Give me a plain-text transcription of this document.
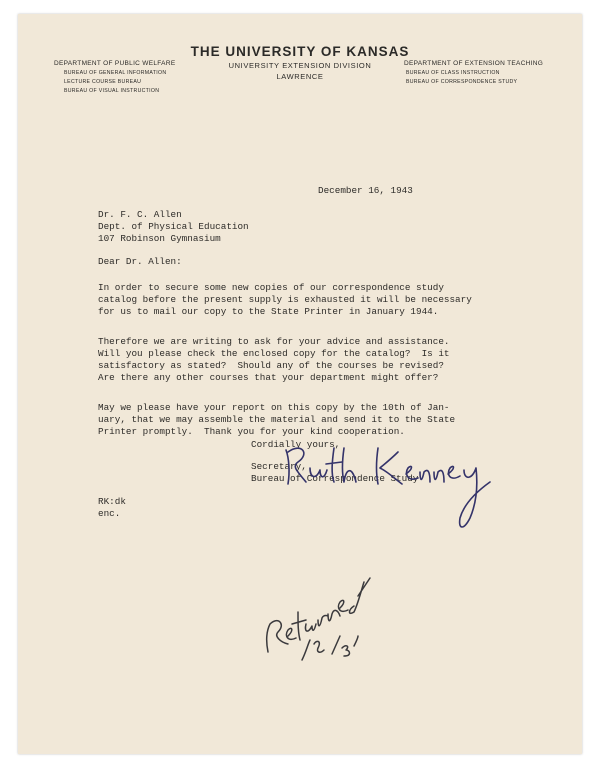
THE UNIVERSITY OF KANSAS
UNIVERSITY EXTENSION DIVISION
LAWRENCE
DEPARTMENT OF PUBLIC WELFARE
BUREAU OF GENERAL INFORMATION
LECTURE COURSE BUREAU
BUREAU OF VISUAL INSTRUCTION
DEPARTMENT OF EXTENSION TEACHING
BUREAU OF CLASS INSTRUCTION
BUREAU OF CORRESPONDENCE STUDY
December 16, 1943
Dr. F. C. Allen
Dept. of Physical Education
107 Robinson Gymnasium
Dear Dr. Allen:
In order to secure some new copies of our correspondence study
catalog before the present supply is exhausted it will be necessary
for us to mail our copy to the State Printer in January 1944.
Therefore we are writing to ask for your advice and assistance.
Will you please check the enclosed copy for the catalog?  Is it
satisfactory as stated?  Should any of the courses be revised?
Are there any other courses that your department might offer?
May we please have your report on this copy by the 10th of Jan-
uary, that we may assemble the material and send it to the State
Printer promptly.  Thank you for your kind cooperation.
Cordially yours,
Secretary,
Bureau of Correspondence Study
RK:dk
enc.
